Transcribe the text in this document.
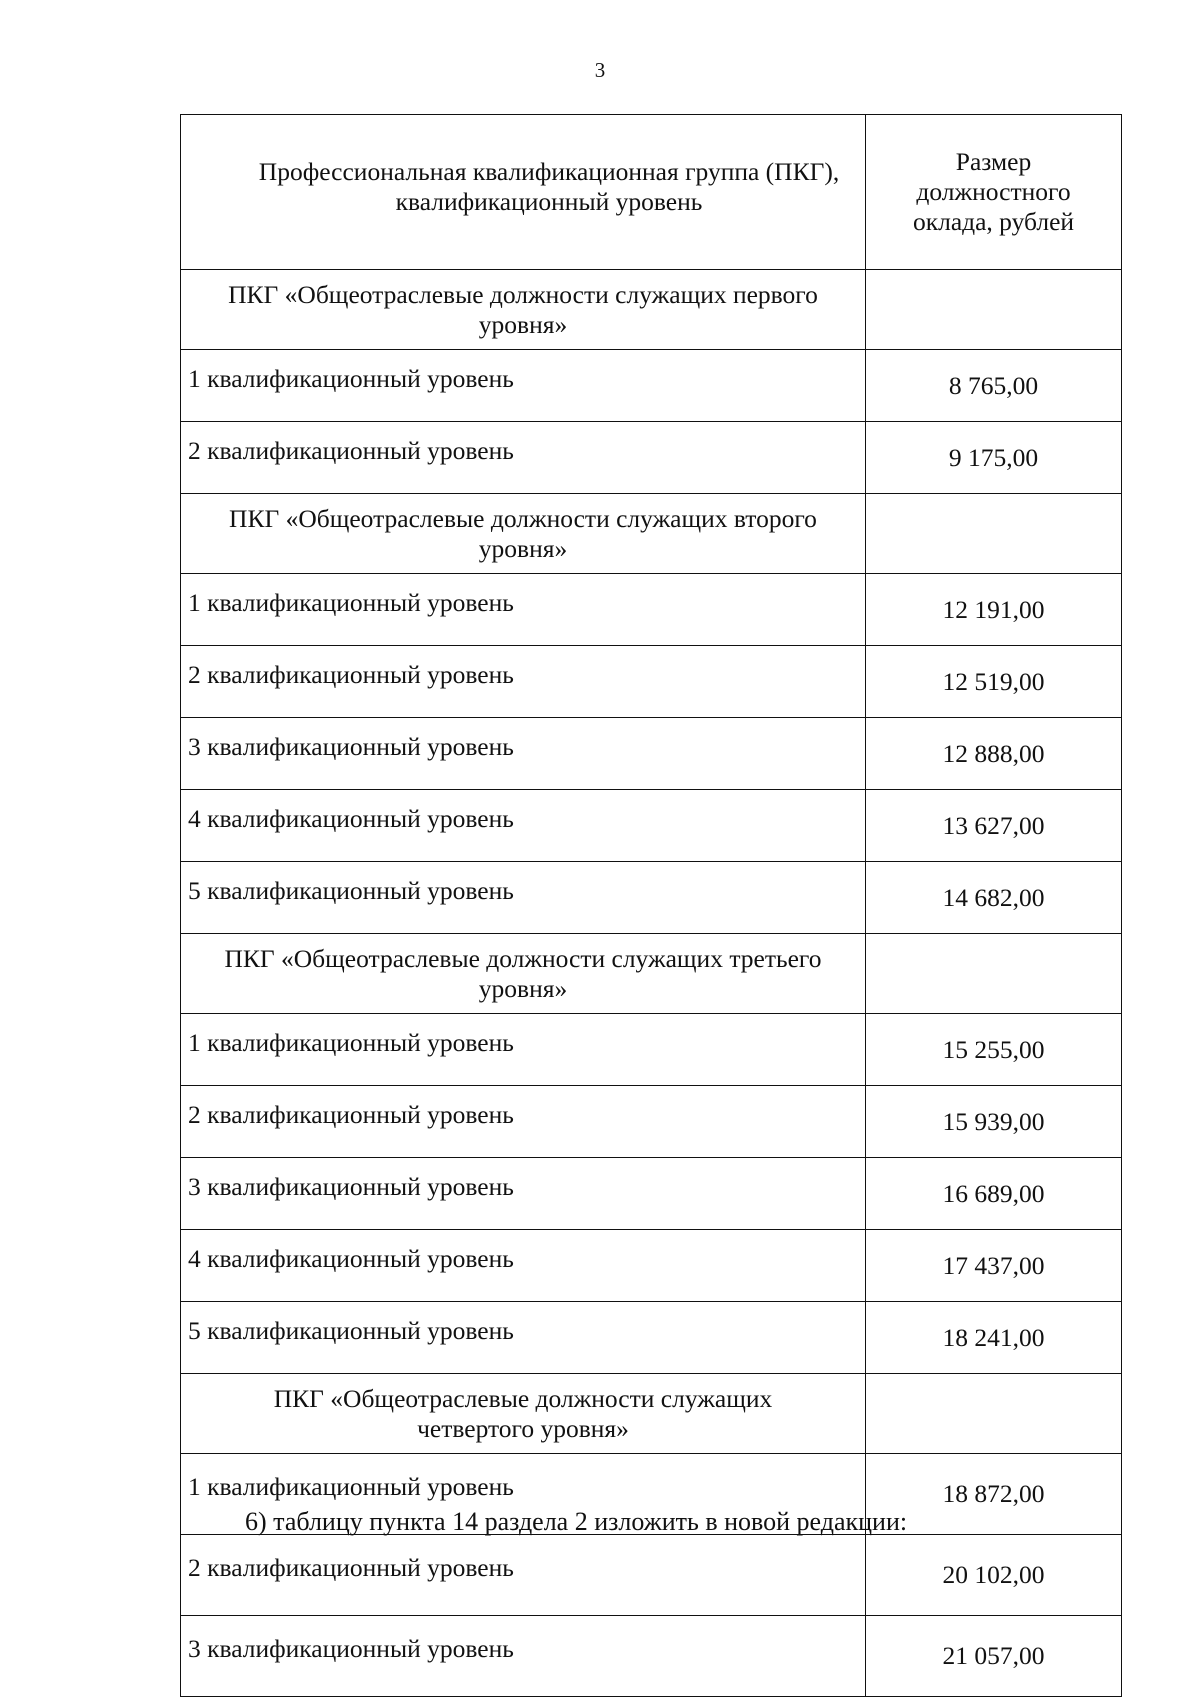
3
Профессиональная квалификационная группа (ПКГ), квалификационный уровень	Размер должностного оклада, рублей
ПКГ «Общеотраслевые должности служащих первого уровня»	
1 квалификационный уровень	8 765,00
2 квалификационный уровень	9 175,00
ПКГ «Общеотраслевые должности служащих второго уровня»	
1 квалификационный уровень	12 191,00
2 квалификационный уровень	12 519,00
3 квалификационный уровень	12 888,00
4 квалификационный уровень	13 627,00
5 квалификационный уровень	14 682,00
ПКГ «Общеотраслевые должности служащих третьего уровня»	
1 квалификационный уровень	15 255,00
2 квалификационный уровень	15 939,00
3 квалификационный уровень	16 689,00
4 квалификационный уровень	17 437,00
5 квалификационный уровень	18 241,00
ПКГ «Общеотраслевые должности служащих четвертого уровня»	
1 квалификационный уровень	18 872,00
2 квалификационный уровень	20 102,00
3 квалификационный уровень	21 057,00
6) таблицу пункта 14 раздела 2 изложить в новой редакции:
